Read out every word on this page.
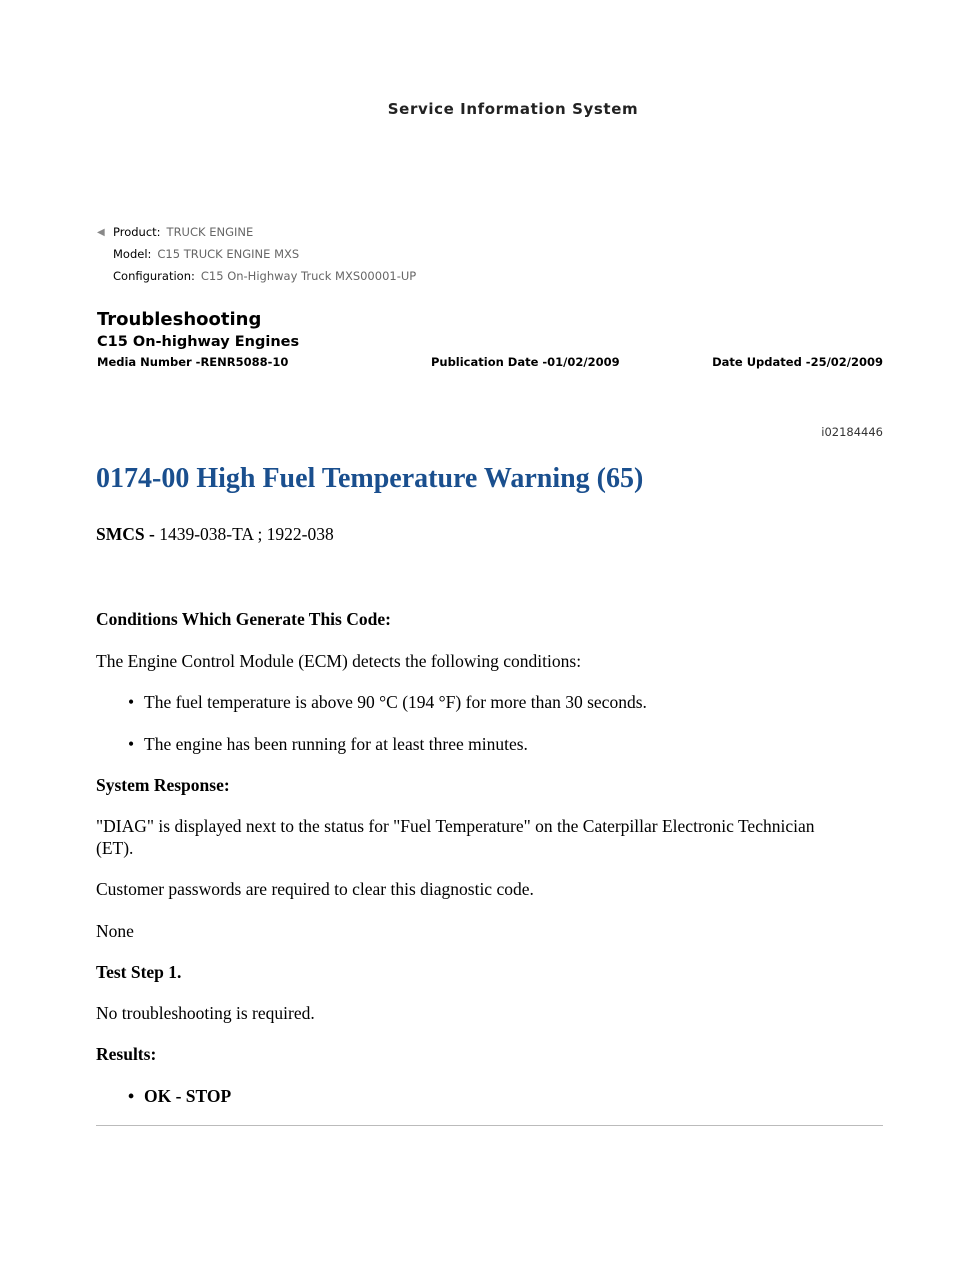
Service Information System
◀ Product: TRUCK ENGINE
Model: C15 TRUCK ENGINE MXS
Configuration: C15 On-Highway Truck MXS00001-UP
Troubleshooting
C15 On-highway Engines
Media Number -RENR5088-10	Publication Date -01/02/2009	Date Updated -25/02/2009
i02184446
0174-00 High Fuel Temperature Warning (65)
SMCS - 1439-038-TA ; 1922-038
Conditions Which Generate This Code:
The Engine Control Module (ECM) detects the following conditions:
• The fuel temperature is above 90 °C (194 °F) for more than 30 seconds.
• The engine has been running for at least three minutes.
System Response:
"DIAG" is displayed next to the status for "Fuel Temperature" on the Caterpillar Electronic Technician (ET).
Customer passwords are required to clear this diagnostic code.
None
Test Step 1.
No troubleshooting is required.
Results:
• OK - STOP
